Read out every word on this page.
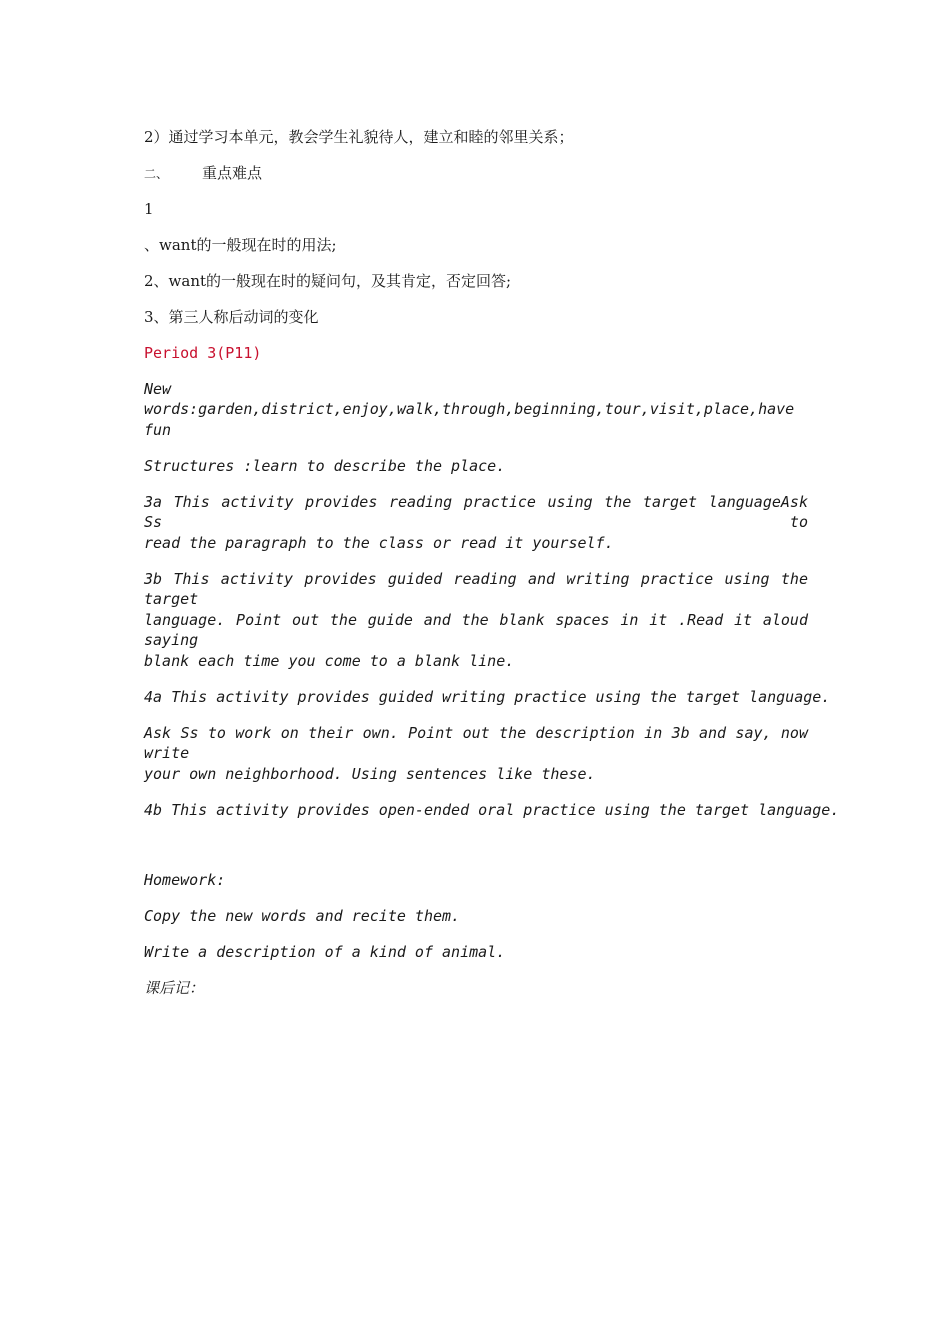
2）通过学习本单元，教会学生礼貌待人，建立和睦的邻里关系；
二、 重点难点
1
、want的一般现在时的用法;
2、want的一般现在时的疑问句，及其肯定，否定回答;
3、第三人称后动词的变化
Period 3(P11)
New words:garden,district,enjoy,walk,through,beginning,tour,visit,place,have
fun
Structures :learn to describe the place.
3a This activity provides reading practice using the target languageAsk Ss to
read the paragraph to the class or read it yourself.
3b This activity provides guided reading and writing practice using the target
language. Point out the guide and the blank spaces in it .Read it aloud saying
blank each time you come to a blank line.
4a This activity provides guided writing practice using the target language.
Ask Ss to work on their own. Point out the description in 3b and say, now write
your own neighborhood. Using sentences like these.
4b This activity provides open-ended oral practice using the target language.
Homework:
Copy the new words and recite them.
Write a description of a kind of animal.
课后记：
